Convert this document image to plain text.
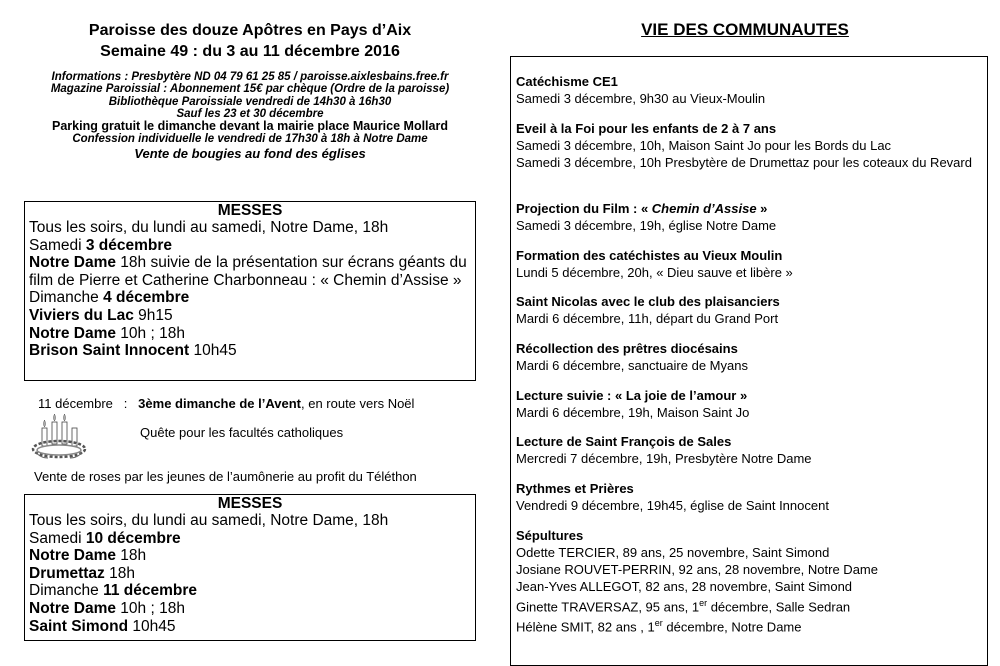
Paroisse des douze Apôtres en Pays d’Aix
Semaine 49 : du 3 au 11 décembre 2016
Informations : Presbytère ND 04 79 61 25 85 / paroisse.aixlesbains.free.fr
Magazine Paroissial : Abonnement 15€ par chèque (Ordre de la paroisse)
Bibliothèque Paroissiale vendredi de 14h30 à 16h30
Sauf les 23 et 30 décembre
Parking gratuit le dimanche devant la mairie place Maurice Mollard
Confession individuelle le vendredi de 17h30 à 18h à Notre Dame
Vente de bougies au fond des églises
MESSES
Tous les soirs, du lundi au samedi, Notre Dame, 18h
Samedi 3 décembre
Notre Dame 18h suivie de la présentation sur écrans géants du film de Pierre et Catherine Charbonneau : « Chemin d’Assise »
Dimanche 4 décembre
Viviers du Lac 9h15
Notre Dame 10h ; 18h
Brison Saint Innocent 10h45
11 décembre : 3ème dimanche de l’Avent, en route vers Noël
Quête pour les facultés catholiques
Vente de roses par les jeunes de l’aumônerie au profit du Téléthon
MESSES
Tous les soirs, du lundi au samedi, Notre Dame, 18h
Samedi 10 décembre
Notre Dame 18h
Drumettaz 18h
Dimanche 11 décembre
Notre Dame 10h ; 18h
Saint Simond 10h45
VIE DES COMMUNAUTES
Catéchisme CE1
Samedi 3 décembre, 9h30 au Vieux-Moulin
Eveil à la Foi pour les enfants de 2 à 7 ans
Samedi 3 décembre, 10h, Maison Saint Jo pour les Bords du Lac
Samedi 3 décembre, 10h Presbytère de Drumettaz pour les coteaux du Revard
Projection du Film : « Chemin d’Assise »
Samedi 3 décembre, 19h, église Notre Dame
Formation des catéchistes au Vieux Moulin
Lundi 5 décembre, 20h, « Dieu sauve et libère »
Saint Nicolas avec le club des plaisanciers
Mardi 6 décembre, 11h, départ du Grand Port
Récollection des prêtres diocésains
Mardi 6 décembre, sanctuaire de Myans
Lecture suivie : « La joie de l’amour »
Mardi 6 décembre, 19h, Maison Saint Jo
Lecture de Saint François de Sales
Mercredi 7 décembre, 19h, Presbytère Notre Dame
Rythmes et Prières
Vendredi 9 décembre, 19h45, église de Saint Innocent
Sépultures
Odette TERCIER, 89 ans, 25 novembre, Saint Simond
Josiane ROUVET-PERRIN, 92 ans, 28 novembre, Notre Dame
Jean-Yves ALLEGOT, 82 ans, 28 novembre, Saint Simond
Ginette TRAVERSAZ, 95 ans, 1er décembre, Salle Sedran
Hélène SMIT, 82 ans , 1er décembre, Notre Dame
